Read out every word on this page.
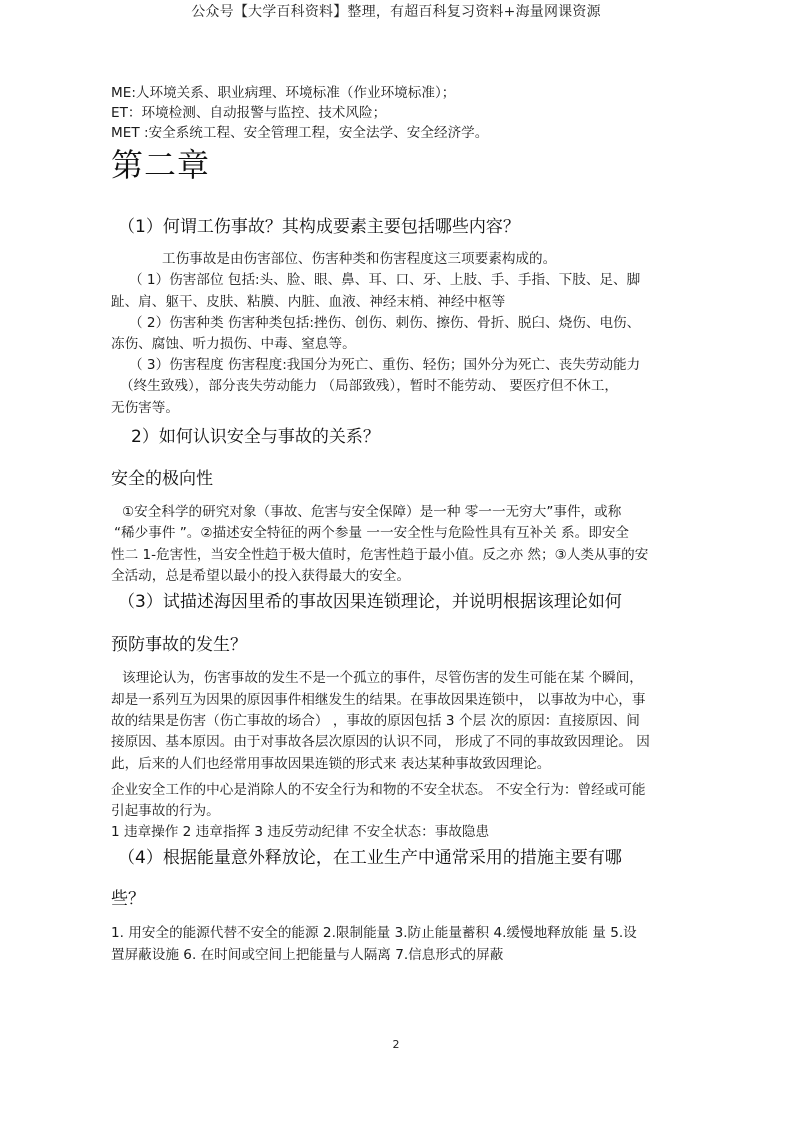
公众号【大学百科资料】整理，有超百科复习资料+海量网课资源
ME:人环境关系、职业病理、环境标准（作业环境标准）；
ET：环境检测、自动报警与监控、技术风险；
MET :安全系统工程、安全管理工程，安全法学、安全经济学。
第二章
（1）何谓工伤事故？其构成要素主要包括哪些内容？
工伤事故是由伤害部位、伤害种类和伤害程度这三项要素构成的。
（ 1）伤害部位 包括:头、脸、眼、鼻、耳、口、牙、上肢、手、手指、下肢、足、脚
趾、肩、躯干、皮肤、粘膜、内脏、血液、神经末梢、神经中枢等
（ 2）伤害种类 伤害种类包括:挫伤、创伤、刺伤、擦伤、骨折、脱臼、烧伤、电伤、
冻伤、腐蚀、听力损伤、中毒、窒息等。
（ 3）伤害程度 伤害程度:我国分为死亡、重伤、轻伤；国外分为死亡、丧失劳动能力
（终生致残），部分丧失劳动能力 （局部致残），暂时不能劳动、 要医疗但不休工，
无伤害等。
2）如何认识安全与事故的关系？
安全的极向性
①安全科学的研究对象（事故、危害与安全保障）是一种 零一一无穷大”事件，或称
“稀少事件 ”。②描述安全特征的两个参量 一一安全性与危险性具有互补关 系。即安全
性二 1-危害性，当安全性趋于极大值时，危害性趋于最小值。反之亦 然；③人类从事的安
全活动，总是希望以最小的投入获得最大的安全。
（3）试描述海因里希的事故因果连锁理论，并说明根据该理论如何
预防事故的发生？
该理论认为，伤害事故的发生不是一个孤立的事件，尽管伤害的发生可能在某 个瞬间，
却是一系列互为因果的原因事件相继发生的结果。在事故因果连锁中， 以事故为中心，事
故的结果是伤害（伤亡事故的场合） ，事故的原因包括 3 个层 次的原因：直接原因、间
接原因、基本原因。由于对事故各层次原因的认识不同， 形成了不同的事故致因理论。 因
此，后来的人们也经常用事故因果连锁的形式来 表达某种事故致因理论。
企业安全工作的中心是消除人的不安全行为和物的不安全状态。 不安全行为：曾经或可能
引起事故的行为。
1 违章操作 2 违章指挥 3 违反劳动纪律 不安全状态：事故隐患
（4）根据能量意外释放论，在工业生产中通常采用的措施主要有哪
些？
1. 用安全的能源代替不安全的能源 2.限制能量 3.防止能量蓄积 4.缓慢地释放能 量 5.设
置屏蔽设施 6. 在时间或空间上把能量与人隔离 7.信息形式的屏蔽
2
